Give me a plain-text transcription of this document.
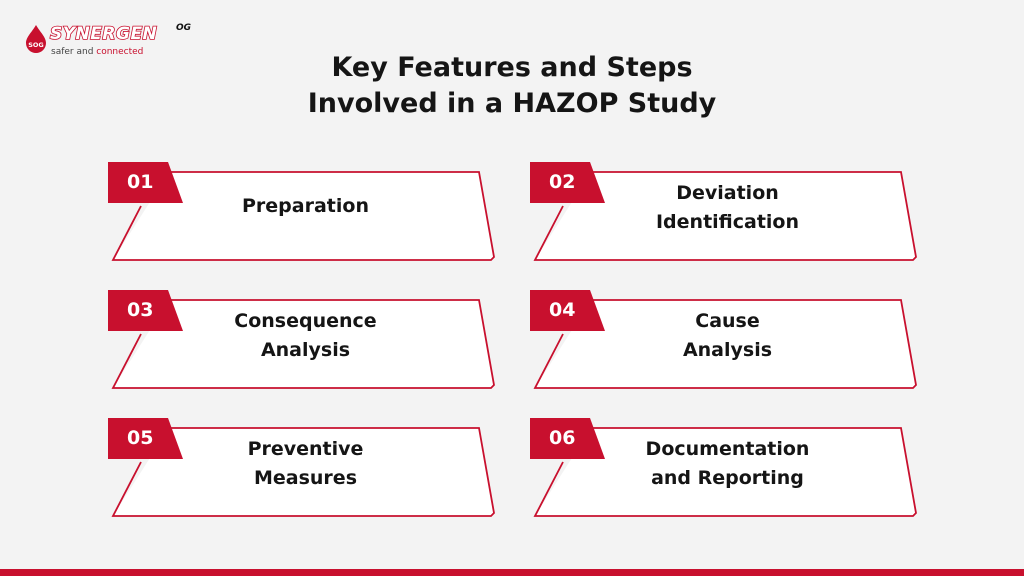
SOG
SYNERGEN OG
safer and connected	Key Features and Steps
Involved in a HAZOP Study
01
Preparation
02	Deviation
Identification
03	Consequence
Analysis
04	Cause
Analysis
05	Preventive
Measures
06	Documentation
and Reporting
